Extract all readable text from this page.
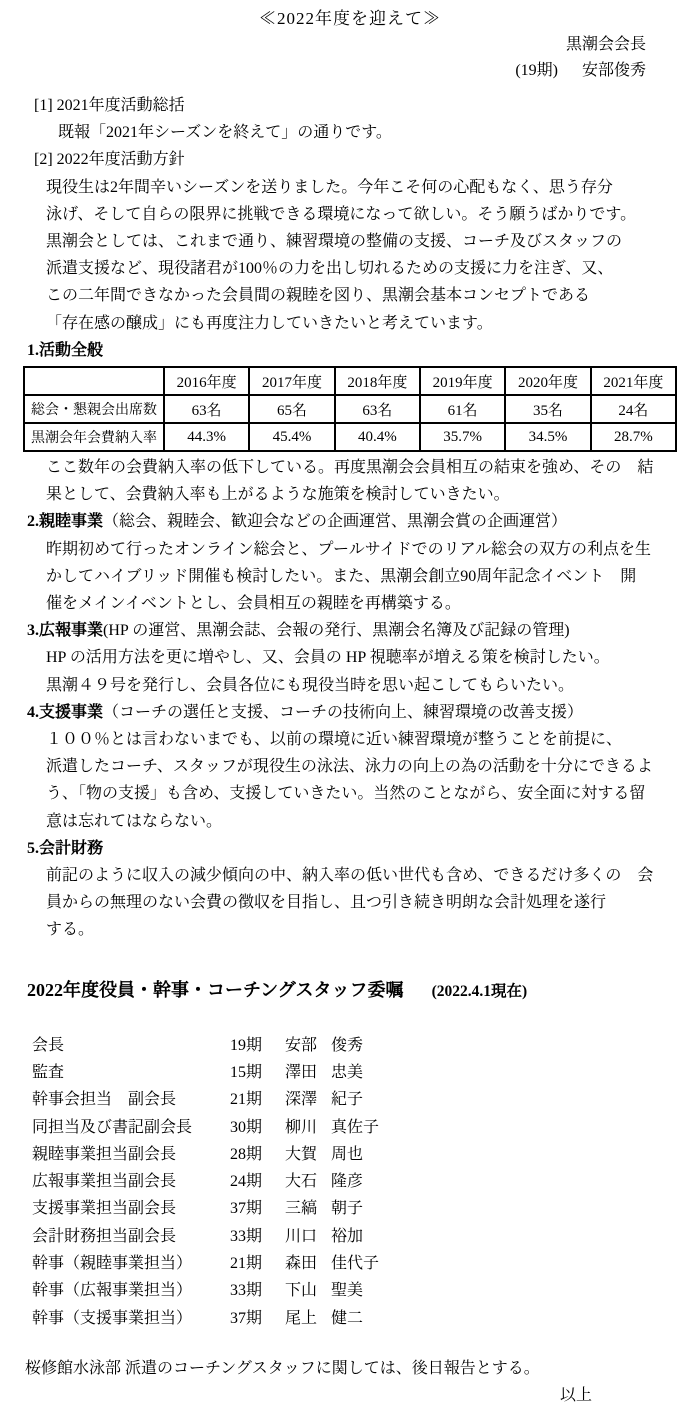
≪2022年度を迎えて≫
黒潮会会長
(19期) 安部俊秀
[1] 2021年度活動総括
既報「2021年シーズンを終えて」の通りです。
[2] 2022年度活動方針
現役生は2年間辛いシーズンを送りました。今年こそ何の心配もなく、思う存分
泳げ、そして自らの限界に挑戦できる環境になって欲しい。そう願うばかりです。
黒潮会としては、これまで通り、練習環境の整備の支援、コーチ及びスタッフの
派遣支援など、現役諸君が100％の力を出し切れるための支援に力を注ぎ、又、
この二年間できなかった会員間の親睦を図り、黒潮会基本コンセプトである
「存在感の醸成」にも再度注力していきたいと考えています。
1.活動全般
	2016年度	2017年度	2018年度	2019年度	2020年度	2021年度
総会・懇親会出席数	63名	65名	63名	61名	35名	24名
黒潮会年会費納入率	44.3%	45.4%	40.4%	35.7%	34.5%	28.7%
ここ数年の会費納入率の低下している。再度黒潮会会員相互の結束を強め、その　結
果として、会費納入率も上がるような施策を検討していきたい。
2.親睦事業（総会、親睦会、歓迎会などの企画運営、黒潮会賞の企画運営）
昨期初めて行ったオンライン総会と、プールサイドでのリアル総会の双方の利点を生
かしてハイブリッド開催も検討したい。また、黒潮会創立90周年記念イベント　開
催をメインイベントとし、会員相互の親睦を再構築する。
3.広報事業(HP の運営、黒潮会誌、会報の発行、黒潮会名簿及び記録の管理)
HP の活用方法を更に増やし、又、会員の HP 視聴率が増える策を検討したい。
黒潮４９号を発行し、会員各位にも現役当時を思い起こしてもらいたい。
4.支援事業（コーチの選任と支援、コーチの技術向上、練習環境の改善支援）
１００％とは言わないまでも、以前の環境に近い練習環境が整うことを前提に、
派遣したコーチ、スタッフが現役生の泳法、泳力の向上の為の活動を十分にできるよ
う、「物の支援」も含め、支援していきたい。当然のことながら、安全面に対する留
意は忘れてはならない。
5.会計財務
前記のように収入の減少傾向の中、納入率の低い世代も含め、できるだけ多くの　会
員からの無理のない会費の徴収を目指し、且つ引き続き明朗な会計処理を遂行
する。
2022年度役員・幹事・コーチングスタッフ委嘱 (2022.4.1現在)
会長	19期	安部 俊秀
監査	15期	澤田 忠美
幹事会担当　副会長	21期	深澤 紀子
同担当及び書記副会長	30期	柳川 真佐子
親睦事業担当副会長	28期	大賀 周也
広報事業担当副会長	24期	大石 隆彦
支援事業担当副会長	37期	三縞 朝子
会計財務担当副会長	33期	川口 裕加
幹事（親睦事業担当）	21期	森田 佳代子
幹事（広報事業担当）	33期	下山 聖美
幹事（支援事業担当）	37期	尾上 健二
桜修館水泳部 派遣のコーチングスタッフに関しては、後日報告とする。
以上
